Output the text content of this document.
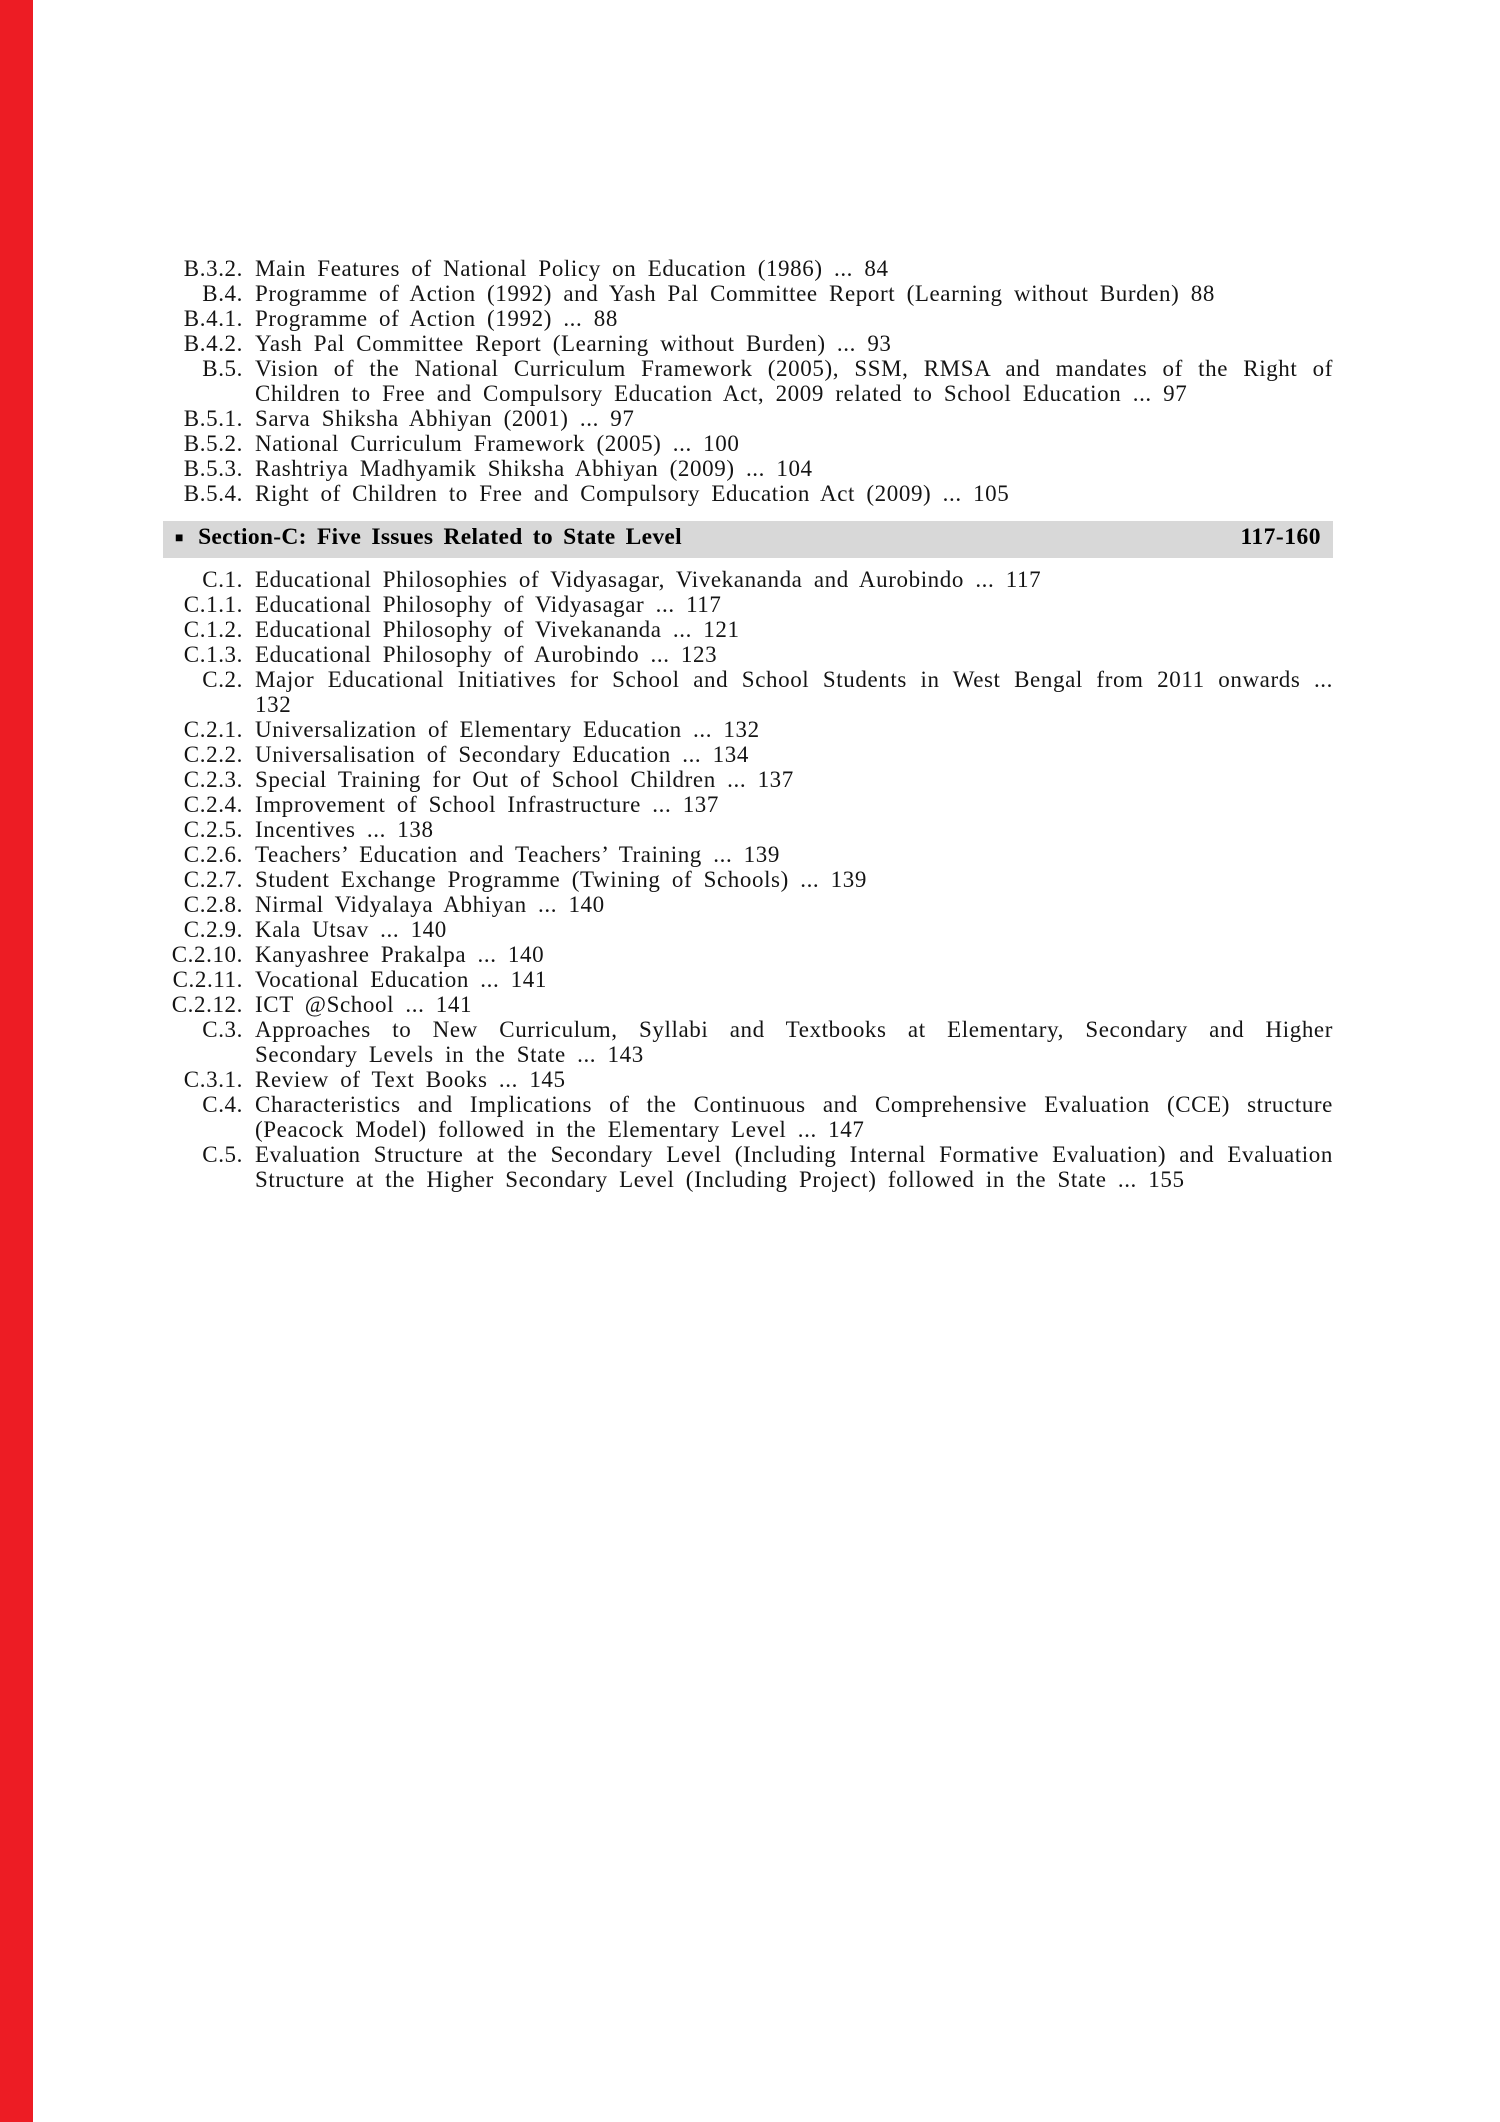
B.3.2. Main Features of National Policy on Education (1986) ... 84
B.4. Programme of Action (1992) and Yash Pal Committee Report (Learning without Burden) 88
B.4.1. Programme of Action (1992) ... 88
B.4.2. Yash Pal Committee Report (Learning without Burden) ... 93
B.5. Vision of the National Curriculum Framework (2005), SSM, RMSA and mandates of the Right of Children to Free and Compulsory Education Act, 2009 related to School Education ... 97
B.5.1. Sarva Shiksha Abhiyan (2001) ... 97
B.5.2. National Curriculum Framework (2005) ... 100
B.5.3. Rashtriya Madhyamik Shiksha Abhiyan (2009) ... 104
B.5.4. Right of Children to Free and Compulsory Education Act (2009) ... 105
■ Section-C: Five Issues Related to State Level	117-160
C.1. Educational Philosophies of Vidyasagar, Vivekananda and Aurobindo ... 117
C.1.1. Educational Philosophy of Vidyasagar ... 117
C.1.2. Educational Philosophy of Vivekananda ... 121
C.1.3. Educational Philosophy of Aurobindo ... 123
C.2. Major Educational Initiatives for School and School Students in West Bengal from 2011 onwards ... 132
C.2.1. Universalization of Elementary Education ... 132
C.2.2. Universalisation of Secondary Education ... 134
C.2.3. Special Training for Out of School Children ... 137
C.2.4. Improvement of School Infrastructure ... 137
C.2.5. Incentives ... 138
C.2.6. Teachers’ Education and Teachers’ Training ... 139
C.2.7. Student Exchange Programme (Twining of Schools) ... 139
C.2.8. Nirmal Vidyalaya Abhiyan ... 140
C.2.9. Kala Utsav ... 140
C.2.10. Kanyashree Prakalpa ... 140
C.2.11. Vocational Education ... 141
C.2.12. ICT @School ... 141
C.3. Approaches to New Curriculum, Syllabi and Textbooks at Elementary, Secondary and Higher Secondary Levels in the State ... 143
C.3.1. Review of Text Books ... 145
C.4. Characteristics and Implications of the Continuous and Comprehensive Evaluation (CCE) structure (Peacock Model) followed in the Elementary Level ... 147
C.5. Evaluation Structure at the Secondary Level (Including Internal Formative Evaluation) and Evaluation Structure at the Higher Secondary Level (Including Project) followed in the State ... 155
